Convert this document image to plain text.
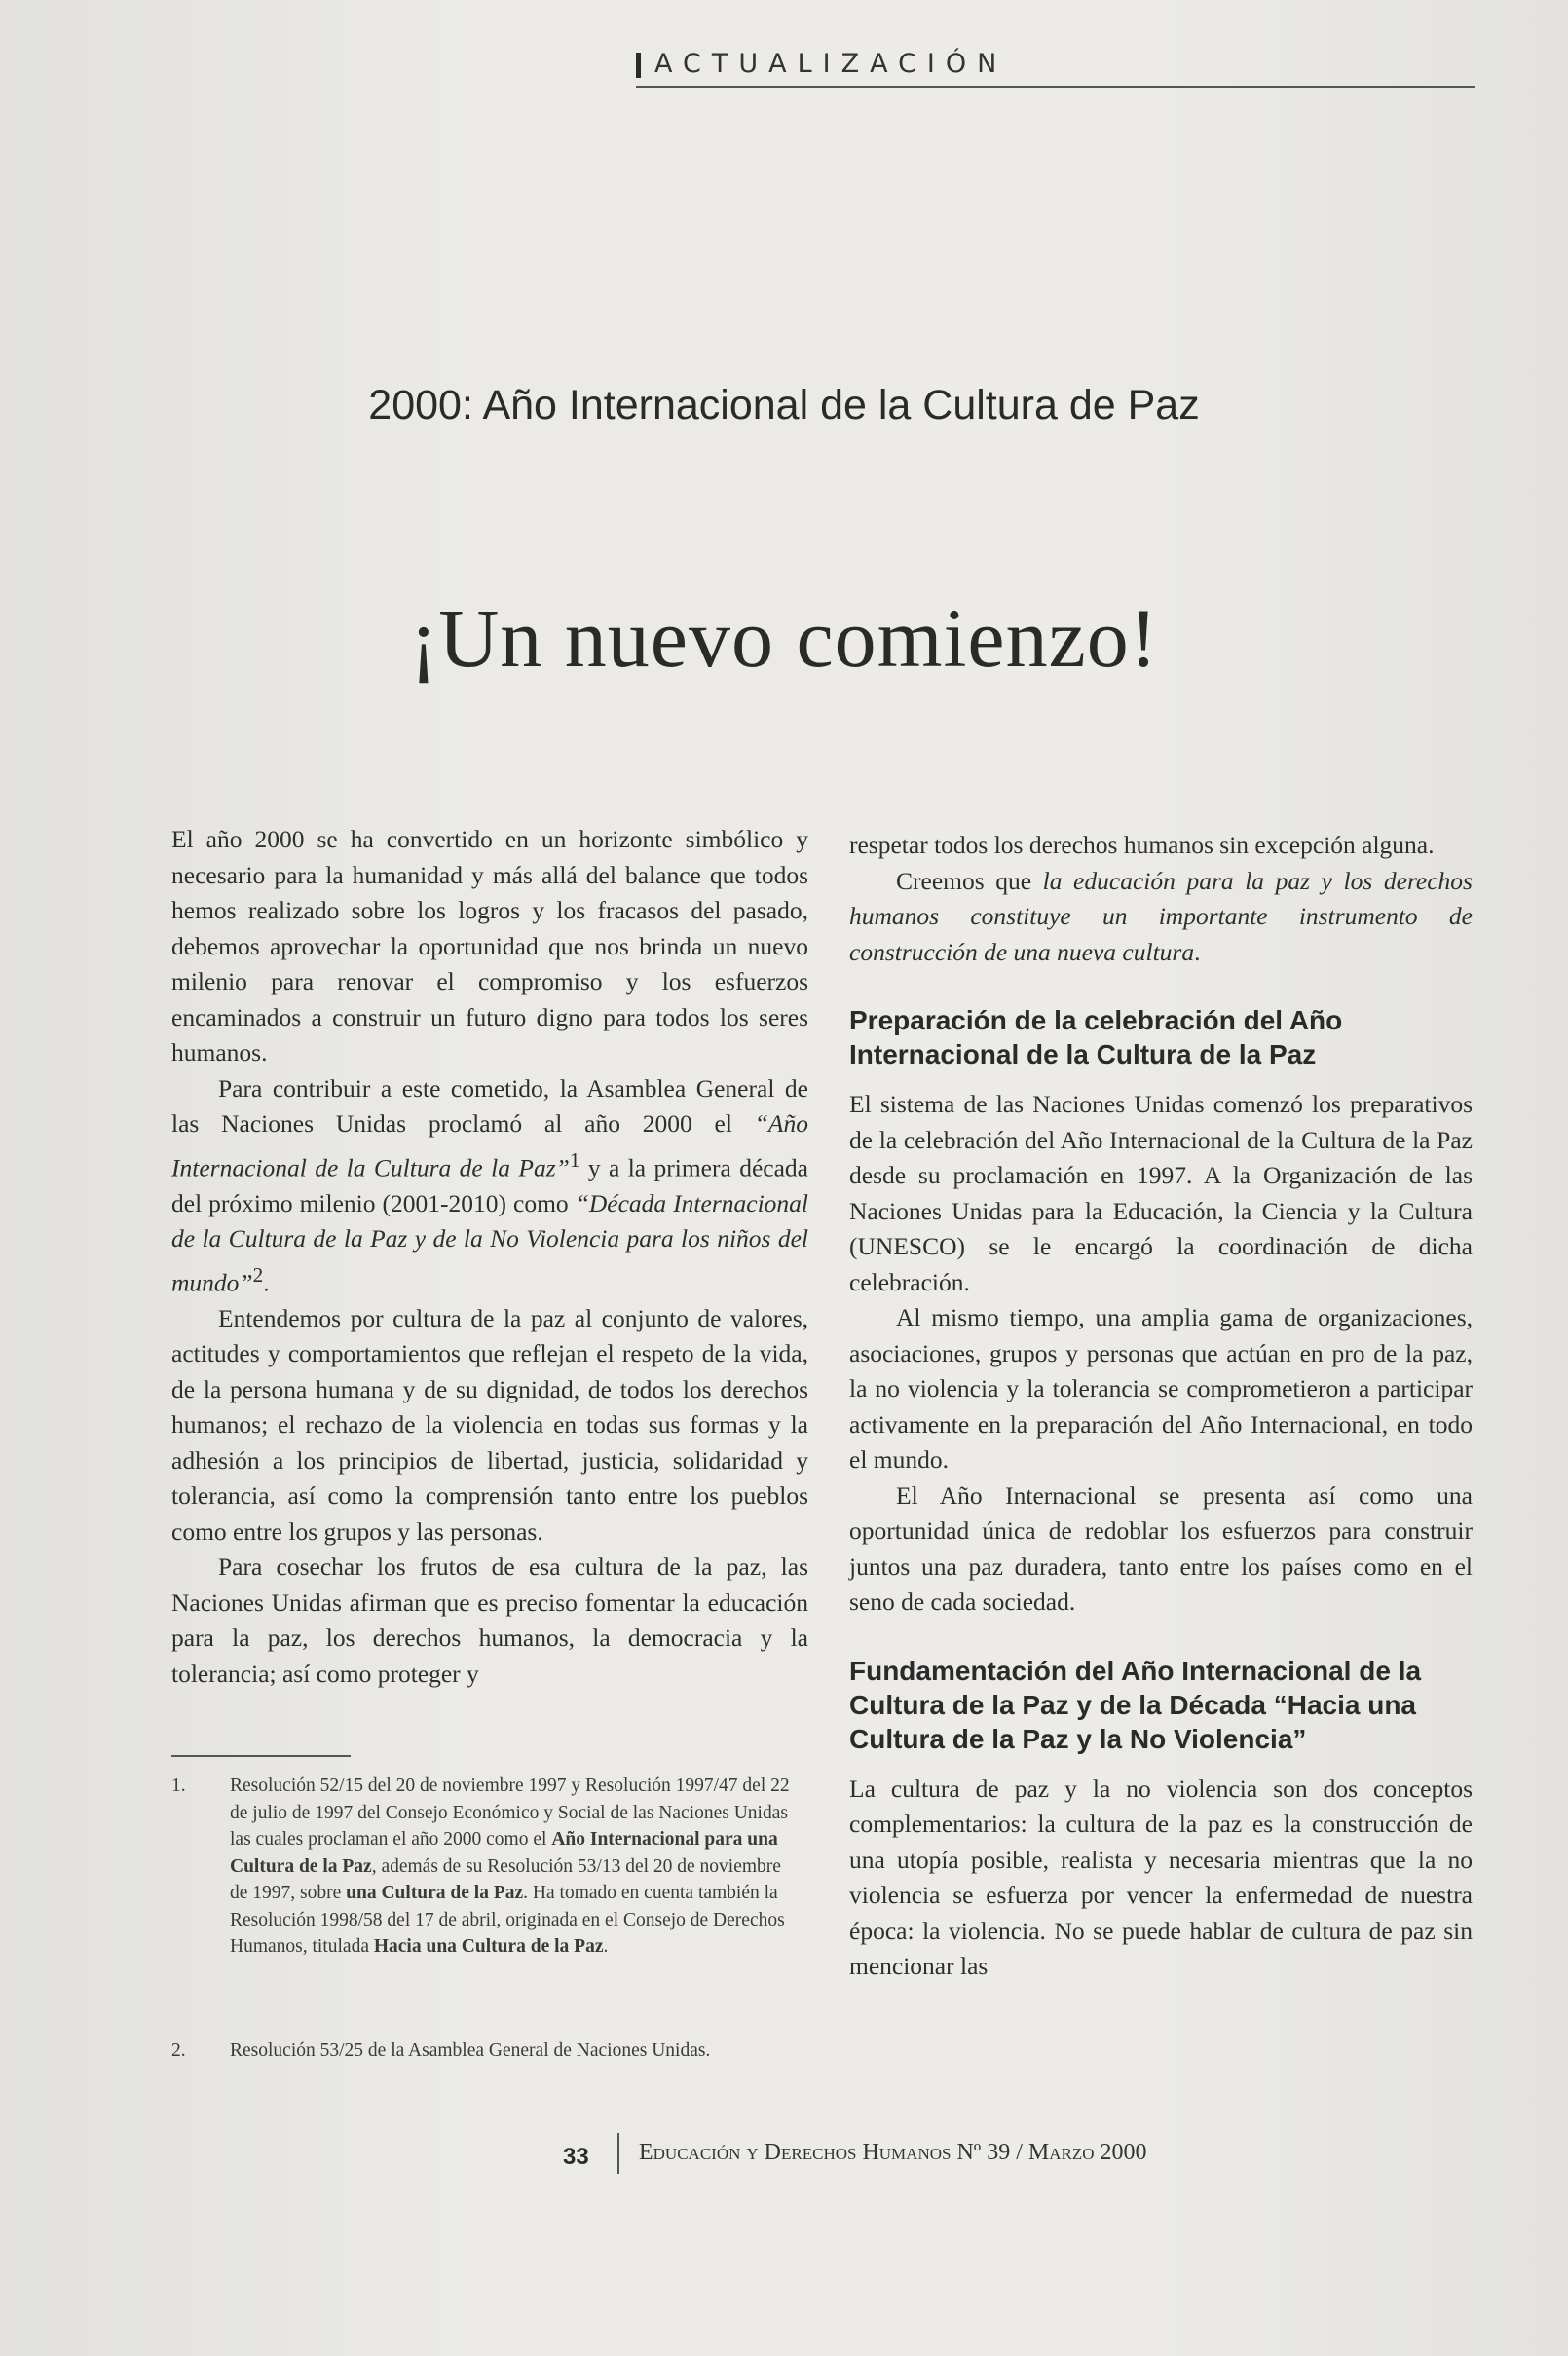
ACTUALIZACIÓN
2000: Año Internacional de la Cultura de Paz
¡Un nuevo comienzo!

El año 2000 se ha convertido en un horizonte simbólico y necesario para la humanidad y más allá del balance que todos hemos realizado sobre los logros y los fracasos del pasado, debemos aprovechar la oportunidad que nos brinda un nuevo milenio para renovar el compromiso y los esfuerzos encaminados a construir un futuro digno para todos los seres humanos.

Para contribuir a este cometido, la Asamblea General de las Naciones Unidas proclamó al año 2000 el “Año Internacional de la Cultura de la Paz”$^1$ y a la primera década del próximo milenio (2001-2010) como “Década Internacional de la Cultura de la Paz y de la No Violencia para los niños del mundo”$^2$.

Entendemos por cultura de la paz al conjunto de valores, actitudes y comportamientos que reflejan el respeto de la vida, de la persona humana y de su dignidad, de todos los derechos humanos; el rechazo de la violencia en todas sus formas y la adhesión a los principios de libertad, justicia, solidaridad y tolerancia, así como la comprensión tanto entre los pueblos como entre los grupos y las personas.

Para cosechar los frutos de esa cultura de la paz, las Naciones Unidas afirman que es preciso fomentar la educación para la paz, los derechos humanos, la democracia y la tolerancia; así como proteger y

1.	Resolución 52/15 del 20 de noviembre 1997 y Resolución 1997/47 del 22 de julio de 1997 del Consejo Económico y Social de las Naciones Unidas las cuales proclaman el año 2000 como el Año Internacional para una Cultura de la Paz, además de su Resolución 53/13 del 20 de noviembre de 1997, sobre una Cultura de la Paz. Ha tomado en cuenta también la Resolución 1998/58 del 17 de abril, originada en el Consejo de Derechos Humanos, titulada Hacia una Cultura de la Paz.
2.	Resolución 53/25 de la Asamblea General de Naciones Unidas.

respetar todos los derechos humanos sin excepción alguna.

Creemos que la educación para la paz y los derechos humanos constituye un importante instrumento de construcción de una nueva cultura.

Preparación de la celebración del Año Internacional de la Cultura de la Paz

El sistema de las Naciones Unidas comenzó los preparativos de la celebración del Año Internacional de la Cultura de la Paz desde su proclamación en 1997. A la Organización de las Naciones Unidas para la Educación, la Ciencia y la Cultura (UNESCO) se le encargó la coordinación de dicha celebración.

Al mismo tiempo, una amplia gama de organizaciones, asociaciones, grupos y personas que actúan en pro de la paz, la no violencia y la tolerancia se comprometieron a participar activamente en la preparación del Año Internacional, en todo el mundo.

El Año Internacional se presenta así como una oportunidad única de redoblar los esfuerzos para construir juntos una paz duradera, tanto entre los países como en el seno de cada sociedad.

Fundamentación del Año Internacional de la Cultura de la Paz y de la Década “Hacia una Cultura de la Paz y la No Violencia”

La cultura de paz y la no violencia son dos conceptos complementarios: la cultura de la paz es la construcción de una utopía posible, realista y necesaria mientras que la no violencia se esfuerza por vencer la enfermedad de nuestra época: la violencia. No se puede hablar de cultura de paz sin mencionar las

33 Educación y Derechos Humanos Nº 39 / Marzo 2000
